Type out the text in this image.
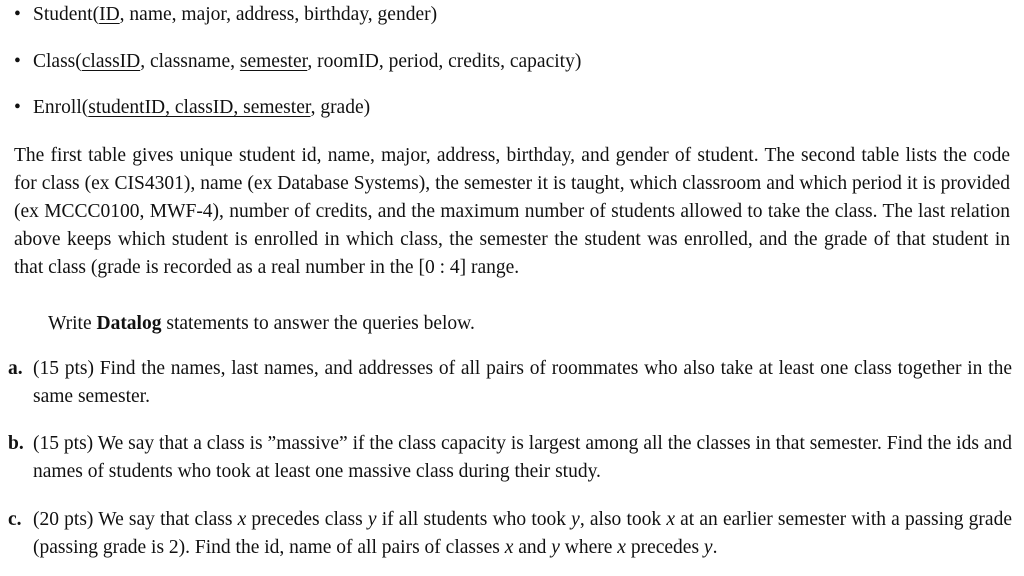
• Student(ID, name, major, address, birthday, gender)
• Class(classID, classname, semester, roomID, period, credits, capacity)
• Enroll(studentID, classID, semester, grade)

The first table gives unique student id, name, major, address, birthday, and gender of student. The second table lists the code for class (ex CIS4301), name (ex Database Systems), the semester it is taught, which classroom and which period it is provided (ex MCCC0100, MWF-4), number of credits, and the maximum number of students allowed to take the class. The last relation above keeps which student is enrolled in which class, the semester the student was enrolled, and the grade of that student in that class (grade is recorded as a real number in the [0 : 4] range.

Write Datalog statements to answer the queries below.
a. (15 pts) Find the names, last names, and addresses of all pairs of roommates who also take at least one class together in the same semester.
b. (15 pts) We say that a class is ”massive” if the class capacity is largest among all the classes in that semester. Find the ids and names of students who took at least one massive class during their study.
c. (20 pts) We say that class x precedes class y if all students who took y, also took x at an earlier semester with a passing grade (passing grade is 2). Find the id, name of all pairs of classes x and y where x precedes y.
